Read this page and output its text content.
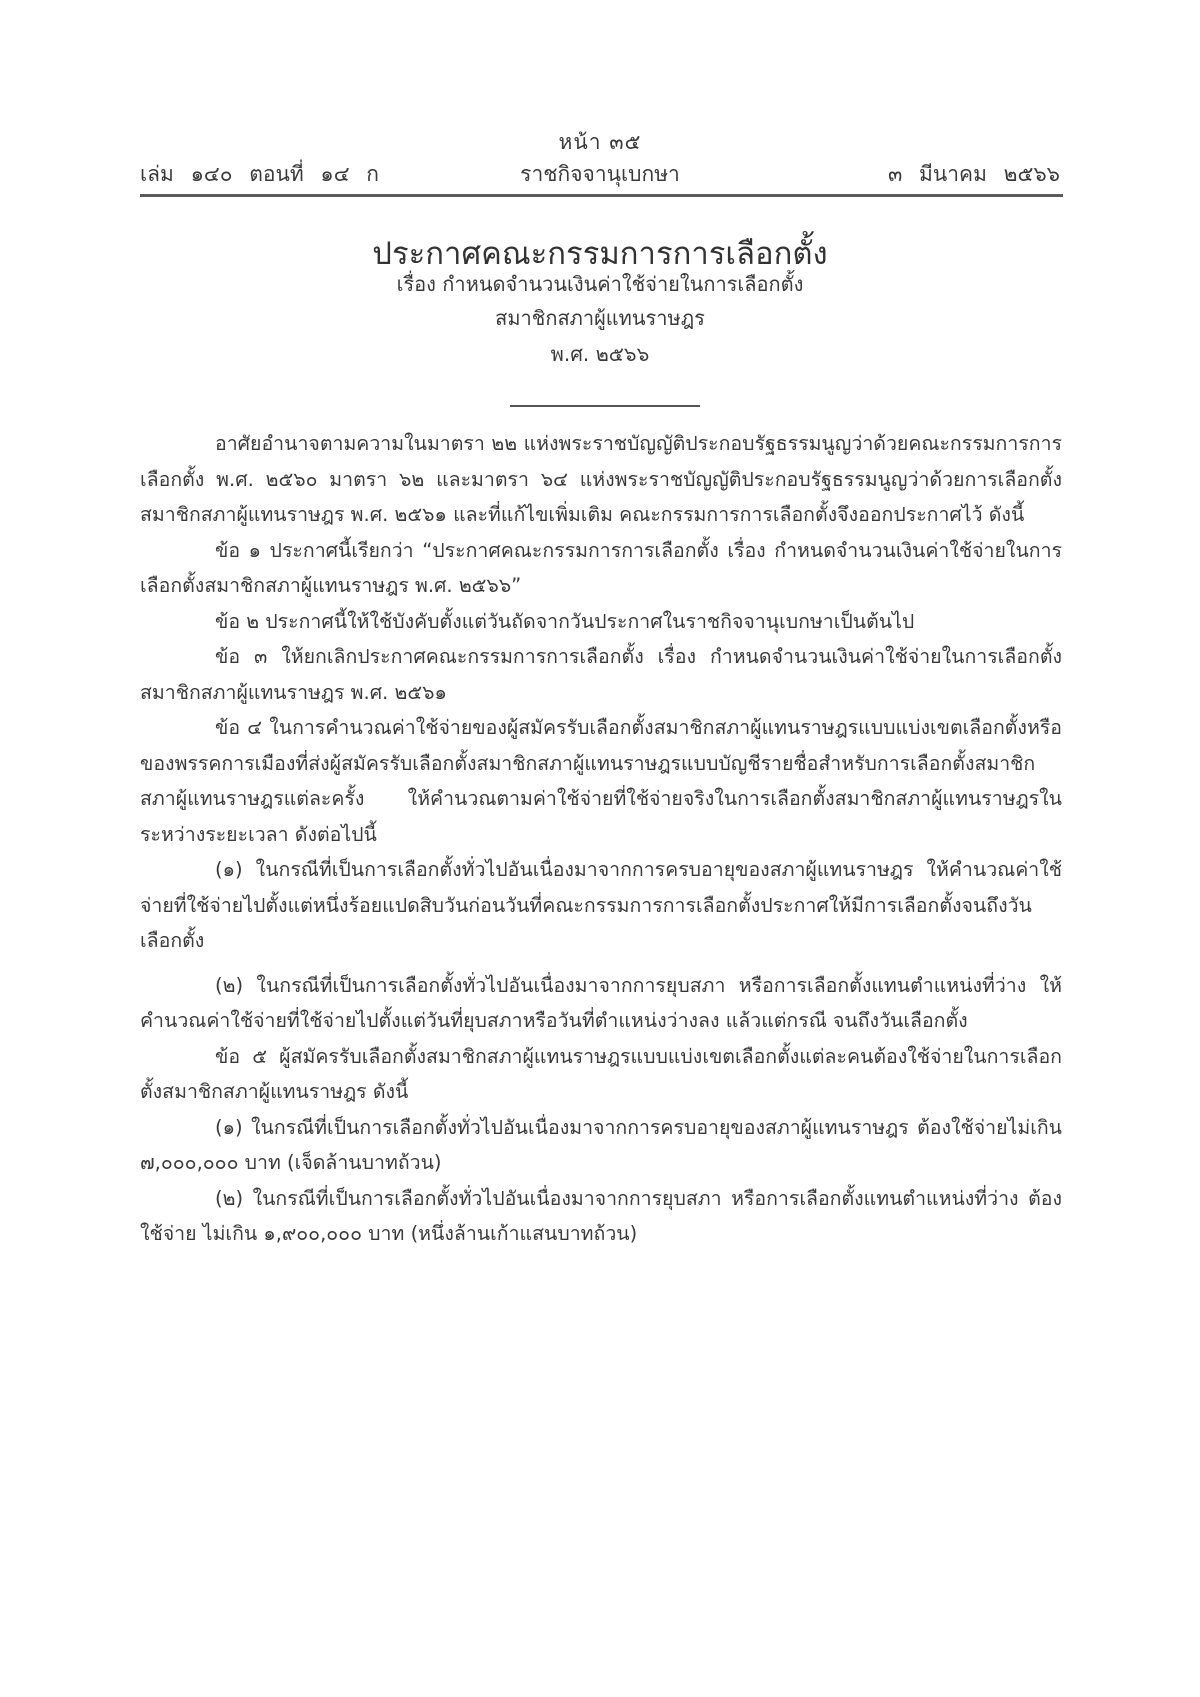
หน้า ๓๕
เล่ม ๑๔๐ ตอนที่ ๑๔ ก	ราชกิจจานุเบกษา	๓ มีนาคม ๒๕๖๖
ประกาศคณะกรรมการการเลือกตั้ง
เรื่อง กำหนดจำนวนเงินค่าใช้จ่ายในการเลือกตั้ง
สมาชิกสภาผู้แทนราษฎร
พ.ศ. ๒๕๖๖

อาศัยอำนาจตามความในมาตรา ๒๒ แห่งพระราชบัญญัติประกอบรัฐธรรมนูญว่าด้วยคณะกรรมการการเลือกตั้ง พ.ศ. ๒๕๖๐ มาตรา ๖๒ และมาตรา ๖๔ แห่งพระราชบัญญัติประกอบรัฐธรรมนูญว่าด้วยการเลือกตั้งสมาชิกสภาผู้แทนราษฎร พ.ศ. ๒๕๖๑ และที่แก้ไขเพิ่มเติม คณะกรรมการการเลือกตั้งจึงออกประกาศไว้ ดังนี้

ข้อ ๑ ประกาศนี้เรียกว่า “ประกาศคณะกรรมการการเลือกตั้ง เรื่อง กำหนดจำนวนเงินค่าใช้จ่ายในการเลือกตั้งสมาชิกสภาผู้แทนราษฎร พ.ศ. ๒๕๖๖”

ข้อ ๒ ประกาศนี้ให้ใช้บังคับตั้งแต่วันถัดจากวันประกาศในราชกิจจานุเบกษาเป็นต้นไป

ข้อ ๓ ให้ยกเลิกประกาศคณะกรรมการการเลือกตั้ง เรื่อง กำหนดจำนวนเงินค่าใช้จ่ายในการเลือกตั้งสมาชิกสภาผู้แทนราษฎร พ.ศ. ๒๕๖๑

ข้อ ๔ ในการคำนวณค่าใช้จ่ายของผู้สมัครรับเลือกตั้งสมาชิกสภาผู้แทนราษฎรแบบแบ่งเขตเลือกตั้งหรือของพรรคการเมืองที่ส่งผู้สมัครรับเลือกตั้งสมาชิกสภาผู้แทนราษฎรแบบบัญชีรายชื่อสำหรับการเลือกตั้งสมาชิกสภาผู้แทนราษฎรแต่ละครั้ง ให้คำนวณตามค่าใช้จ่ายที่ใช้จ่ายจริงในการเลือกตั้งสมาชิกสภาผู้แทนราษฎรในระหว่างระยะเวลา ดังต่อไปนี้

(๑) ในกรณีที่เป็นการเลือกตั้งทั่วไปอันเนื่องมาจากการครบอายุของสภาผู้แทนราษฎร ให้คำนวณค่าใช้จ่ายที่ใช้จ่ายไปตั้งแต่หนึ่งร้อยแปดสิบวันก่อนวันที่คณะกรรมการการเลือกตั้งประกาศให้มีการเลือกตั้งจนถึงวันเลือกตั้ง

(๒) ในกรณีที่เป็นการเลือกตั้งทั่วไปอันเนื่องมาจากการยุบสภา หรือการเลือกตั้งแทนตำแหน่งที่ว่าง ให้คำนวณค่าใช้จ่ายที่ใช้จ่ายไปตั้งแต่วันที่ยุบสภาหรือวันที่ตำแหน่งว่างลง แล้วแต่กรณี จนถึงวันเลือกตั้ง

ข้อ ๕ ผู้สมัครรับเลือกตั้งสมาชิกสภาผู้แทนราษฎรแบบแบ่งเขตเลือกตั้งแต่ละคนต้องใช้จ่ายในการเลือกตั้งสมาชิกสภาผู้แทนราษฎร ดังนี้

(๑) ในกรณีที่เป็นการเลือกตั้งทั่วไปอันเนื่องมาจากการครบอายุของสภาผู้แทนราษฎร ต้องใช้จ่ายไม่เกิน ๗,๐๐๐,๐๐๐ บาท (เจ็ดล้านบาทถ้วน)

(๒) ในกรณีที่เป็นการเลือกตั้งทั่วไปอันเนื่องมาจากการยุบสภา หรือการเลือกตั้งแทนตำแหน่งที่ว่าง ต้องใช้จ่าย ไม่เกิน ๑,๙๐๐,๐๐๐ บาท (หนึ่งล้านเก้าแสนบาทถ้วน)
